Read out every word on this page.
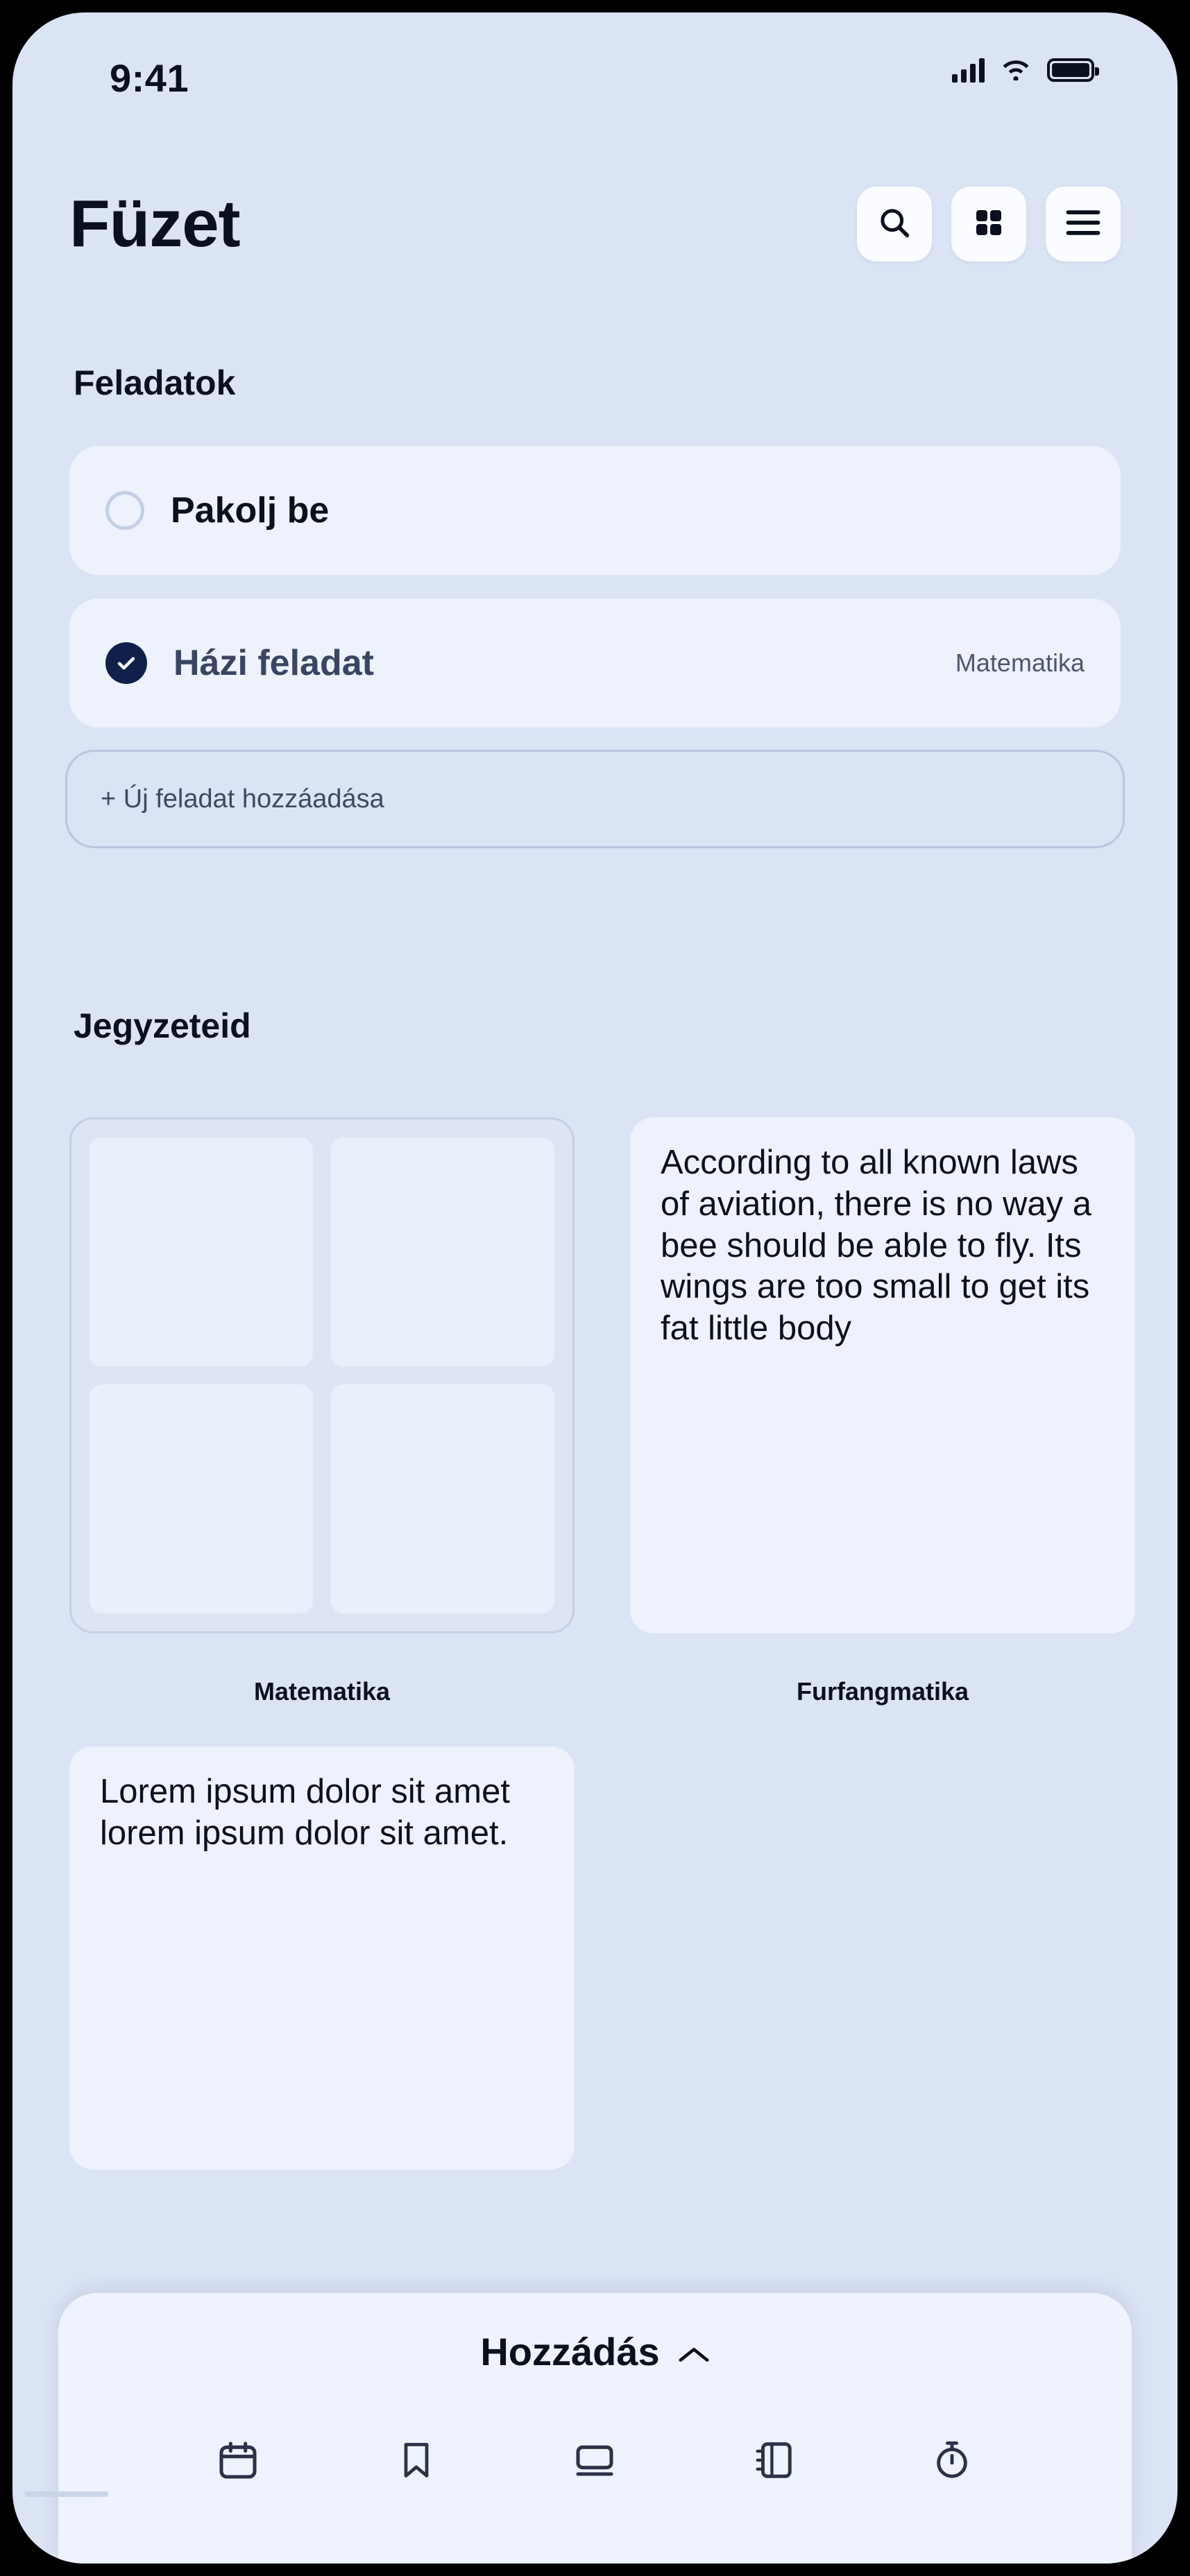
9:41
Füzet
Feladatok
Pakolj be
Házi feladat	Matematika
+ Új feladat hozzáadása
Jegyzeteid
Matematika
According to all known laws of aviation, there is no way a bee should be able to fly. Its wings are too small to get its fat little body
Furfangmatika
Lorem ipsum dolor sit amet lorem ipsum dolor sit amet.
Hozzádás
